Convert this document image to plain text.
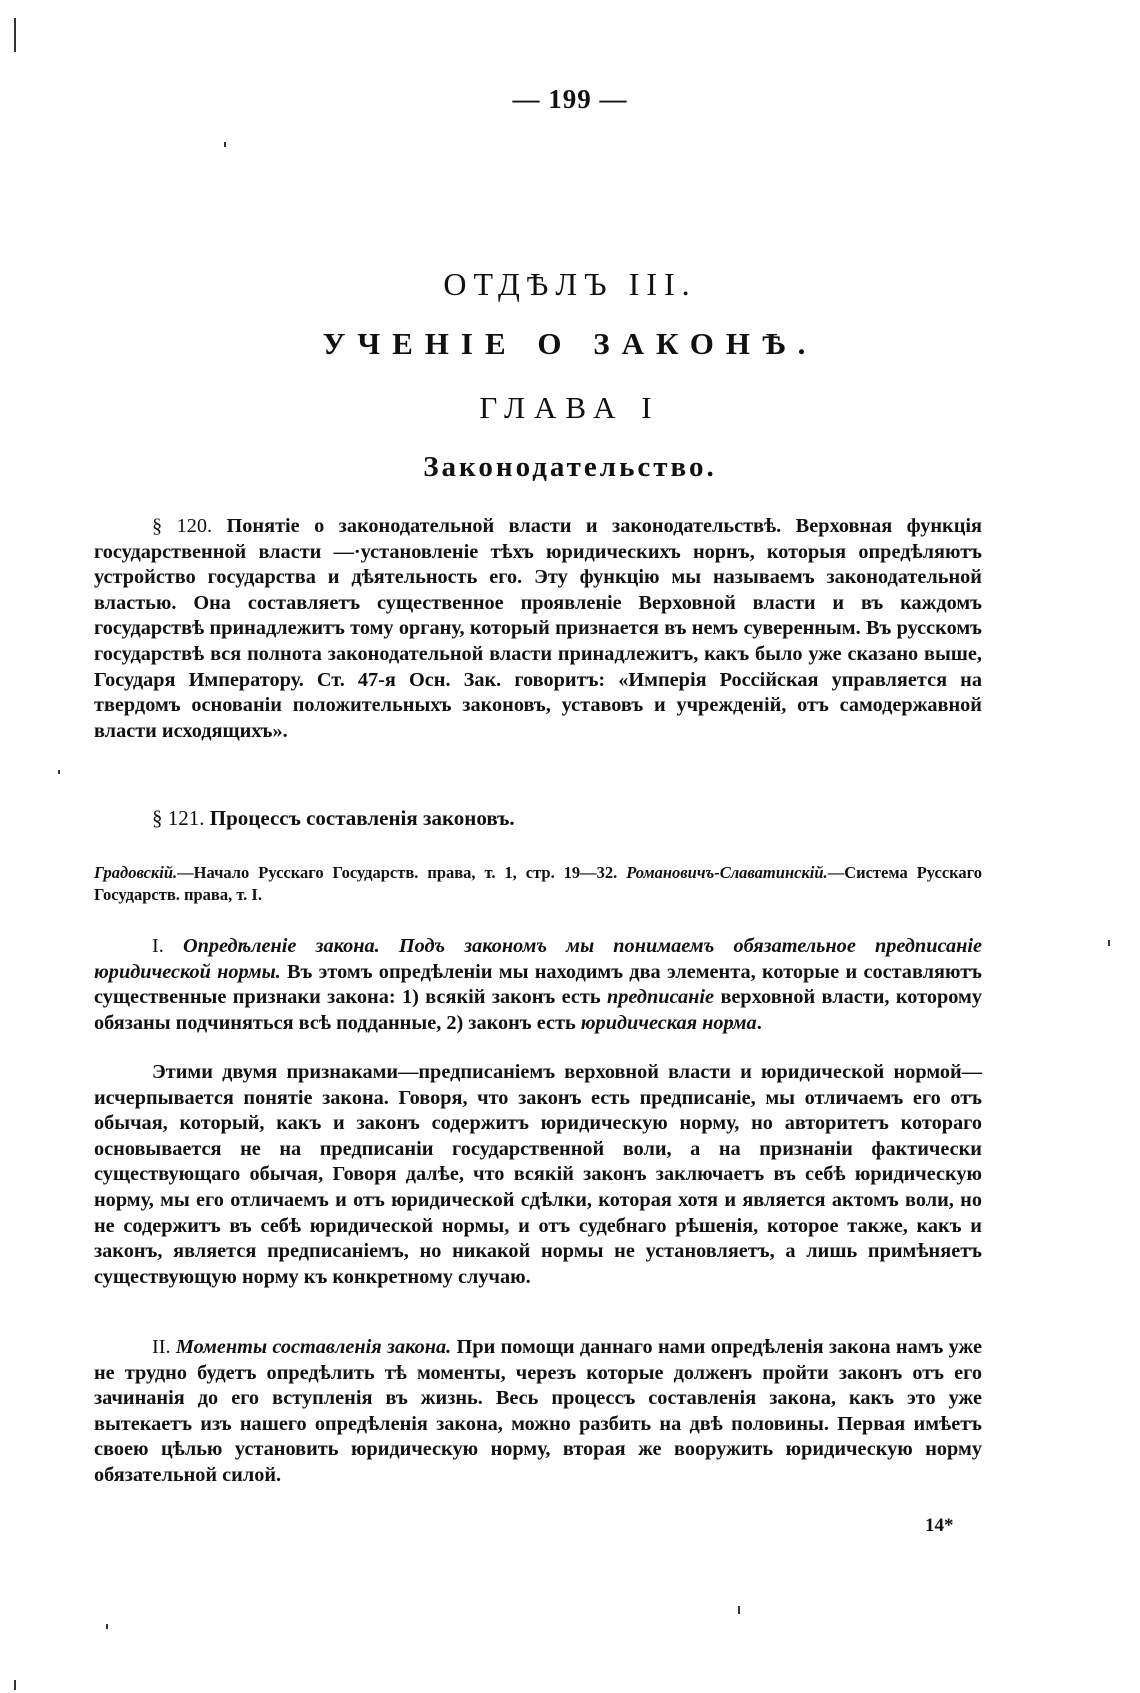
— 199 —
ОТДѢЛЪ III.
УЧЕНІЕ О ЗАКОНѢ.
ГЛАВА I
Законодательство.
§ 120. Понятіе о законодательной власти и законодательствѣ. Верховная функція государственной власти —·установленіе тѣхъ юридическихъ норнъ, которыя опредѣляютъ устройство государства и дѣятельность его. Эту функцію мы называемъ законодательной властью. Она составляетъ существенное проявленіе Верховной власти и въ каждомъ государствѣ принадлежитъ тому органу, который признается въ немъ суверенным. Въ русскомъ государствѣ вся полнота законодательной власти принадлежитъ, какъ было уже сказано выше, Государя Императору. Ст. 47-я Осн. Зак. говоритъ: «Имперія Россійская управляется на твердомъ основаніи положительныхъ законовъ, уставовъ и учрежденій, отъ самодержавной власти исходящихъ».
§ 121. Процессъ составленія законовъ.
Градовскій.—Начало Русскаго Государств. права, т. 1, стр. 19—32. Романовичъ-Славатинскій.—Система Русскаго Государств. права, т. I.
I. Опредѣленіе закона. Подъ закономъ мы понимаемъ обязательное предписаніе юридической нормы. Въ этомъ опредѣленіи мы находимъ два элемента, которые и составляютъ существенные признаки закона: 1) всякій законъ есть предписаніе верховной власти, которому обязаны подчиняться всѣ подданные, 2) законъ есть юридическая норма.
Этими двумя признаками—предписаніемъ верховной власти и юридической нормой—исчерпывается понятіе закона. Говоря, что законъ есть предписаніе, мы отличаемъ его отъ обычая, который, какъ и законъ содержитъ юридическую норму, но авторитетъ котораго основывается не на предписаніи государственной воли, а на признаніи фактически существующаго обычая, Говоря далѣе, что всякій законъ заключаетъ въ себѣ юридическую норму, мы его отличаемъ и отъ юридической сдѣлки, которая хотя и является актомъ воли, но не содержитъ въ себѣ юридической нормы, и отъ судебнаго рѣшенія, которое также, какъ и законъ, является предписаніемъ, но никакой нормы не установляетъ, а лишь примѣняетъ существующую норму къ конкретному случаю.
II. Моменты составленія закона. При помощи даннаго нами опредѣленія закона намъ уже не трудно будетъ опредѣлить тѣ моменты, черезъ которые долженъ пройти законъ отъ его зачинанія до его вступленія въ жизнь. Весь процессъ составленія закона, какъ это уже вытекаетъ изъ нашего опредѣленія закона, можно разбить на двѣ половины. Первая имѣетъ своею цѣлью установить юридическую норму, вторая же вооружить юридическую норму обязательной силой.
14*
